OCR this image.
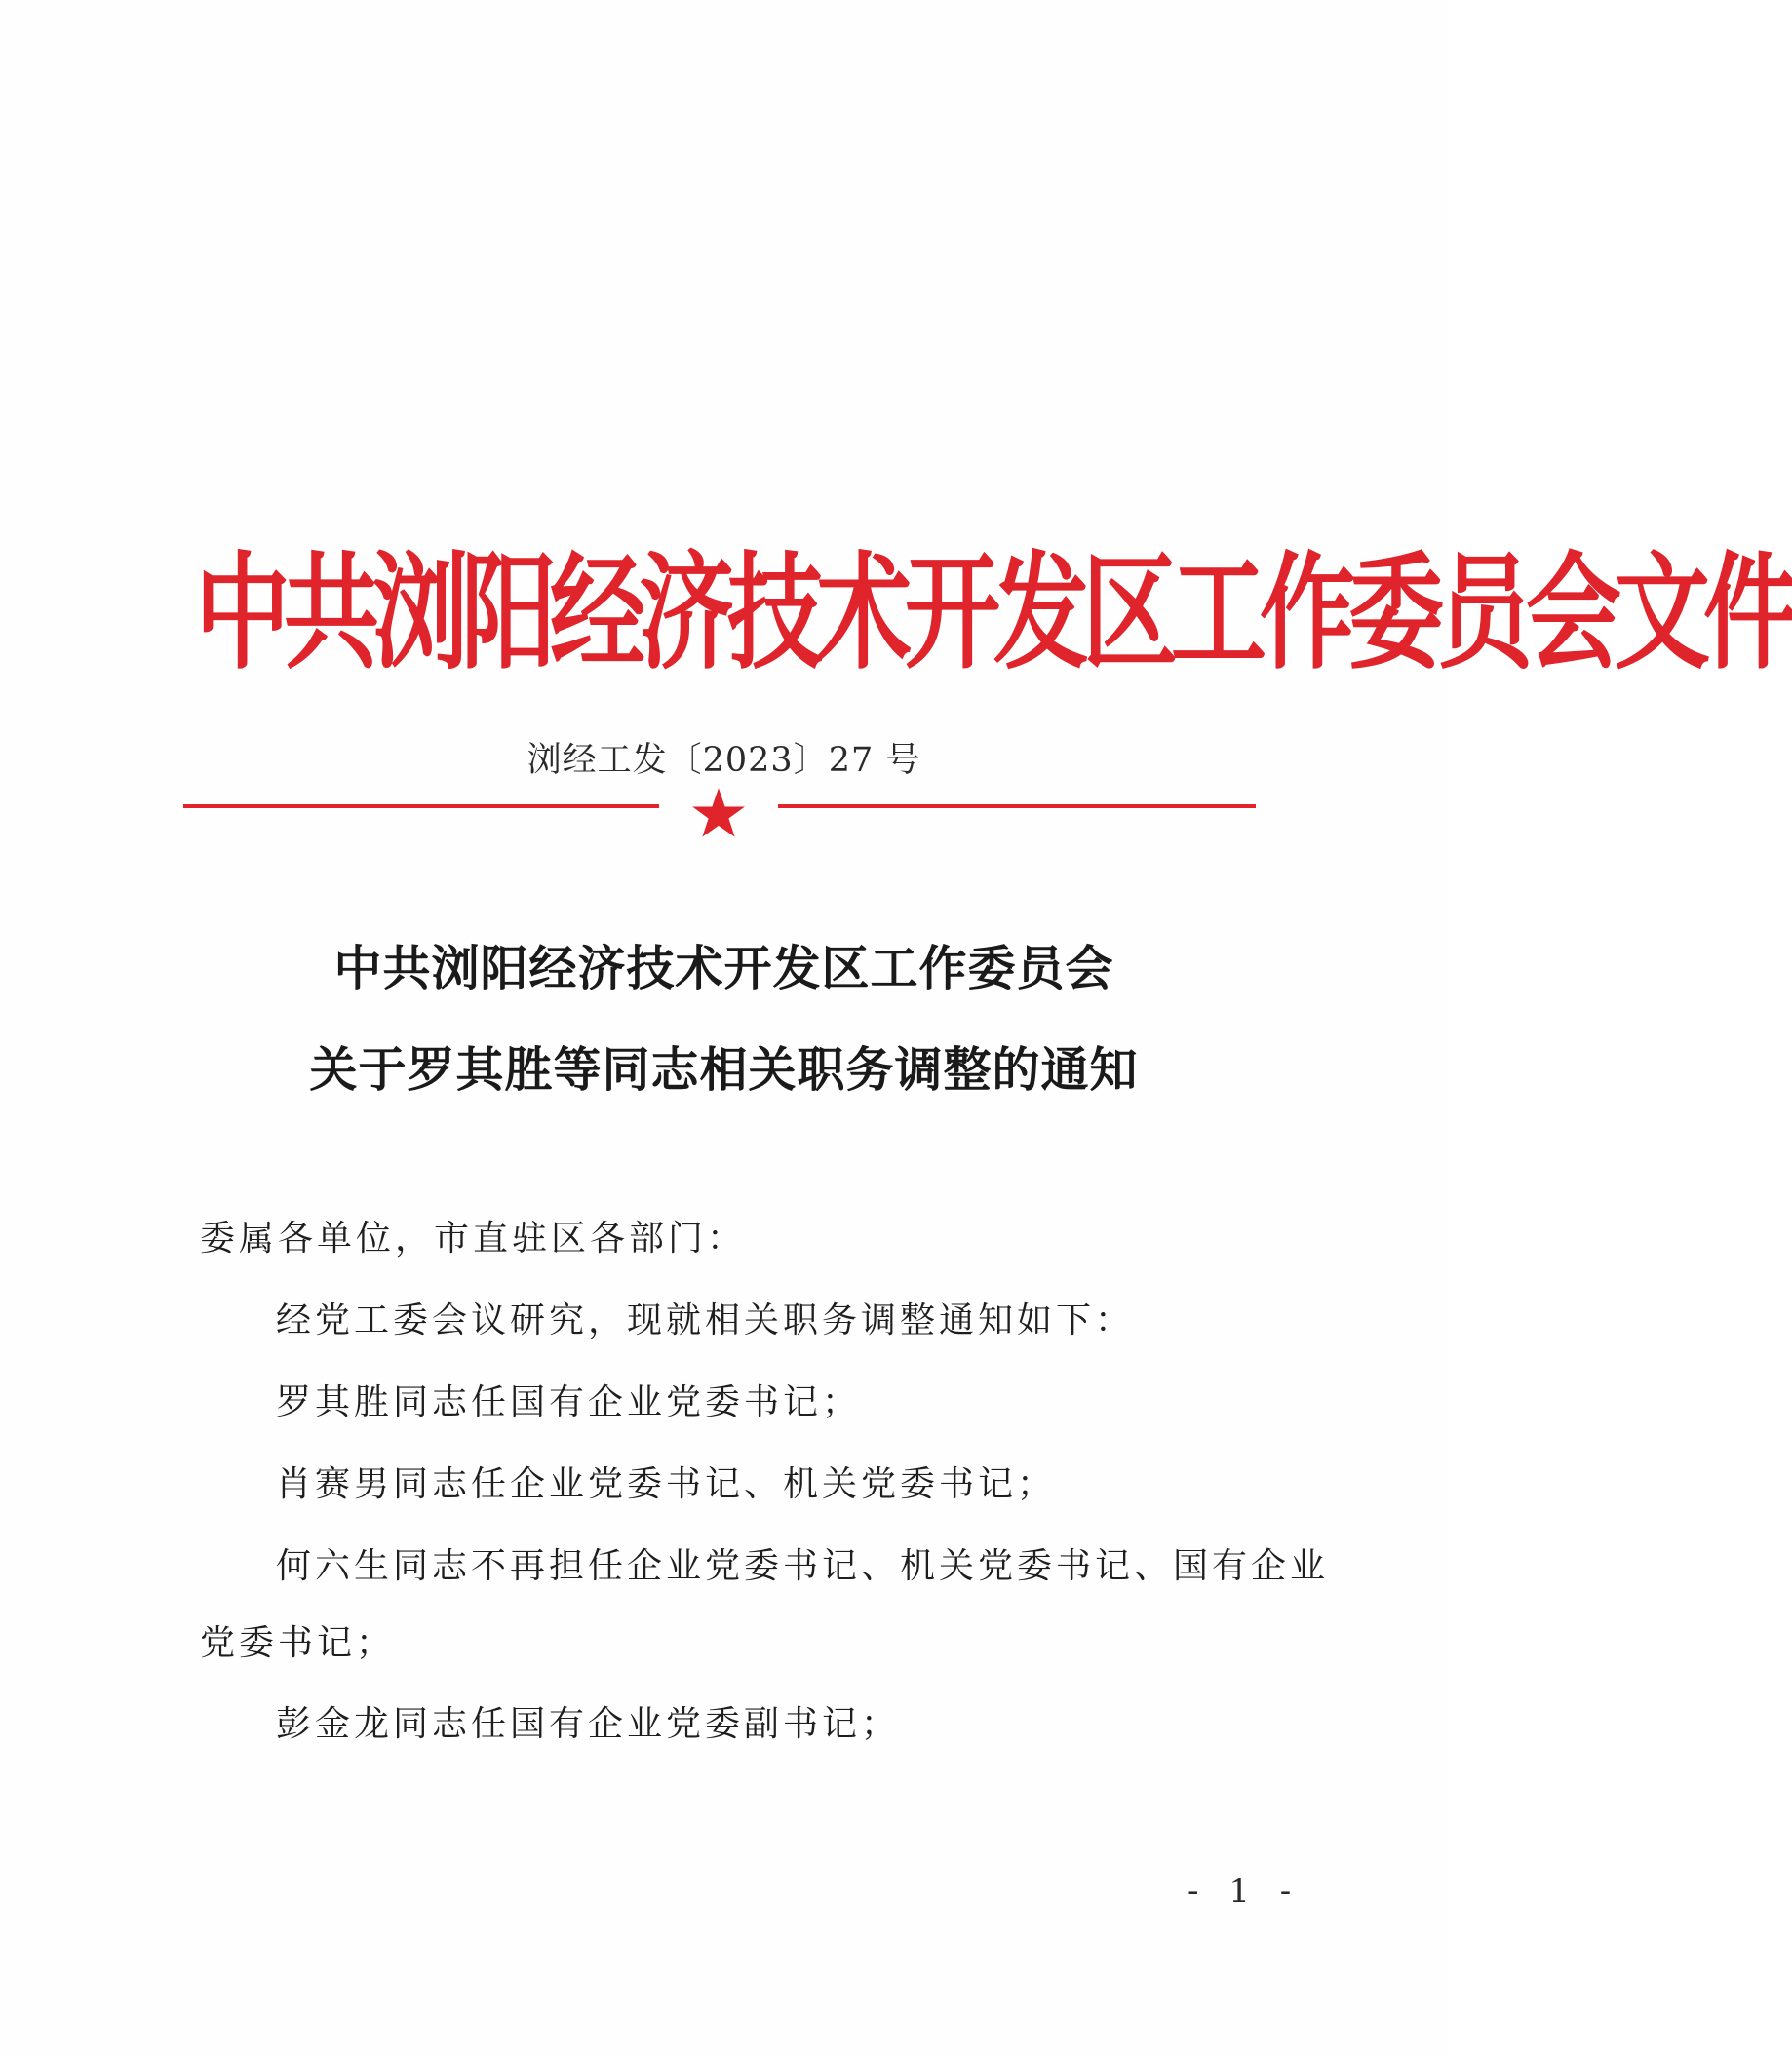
中共浏阳经济技术开发区工作委员会文件
浏经工发〔2023〕27 号
中共浏阳经济技术开发区工作委员会
关于罗其胜等同志相关职务调整的通知
委属各单位，市直驻区各部门：
经党工委会议研究，现就相关职务调整通知如下：
罗其胜同志任国有企业党委书记；
肖赛男同志任企业党委书记、机关党委书记；
何六生同志不再担任企业党委书记、机关党委书记、国有企业
党委书记；
彭金龙同志任国有企业党委副书记；
- 1 -
